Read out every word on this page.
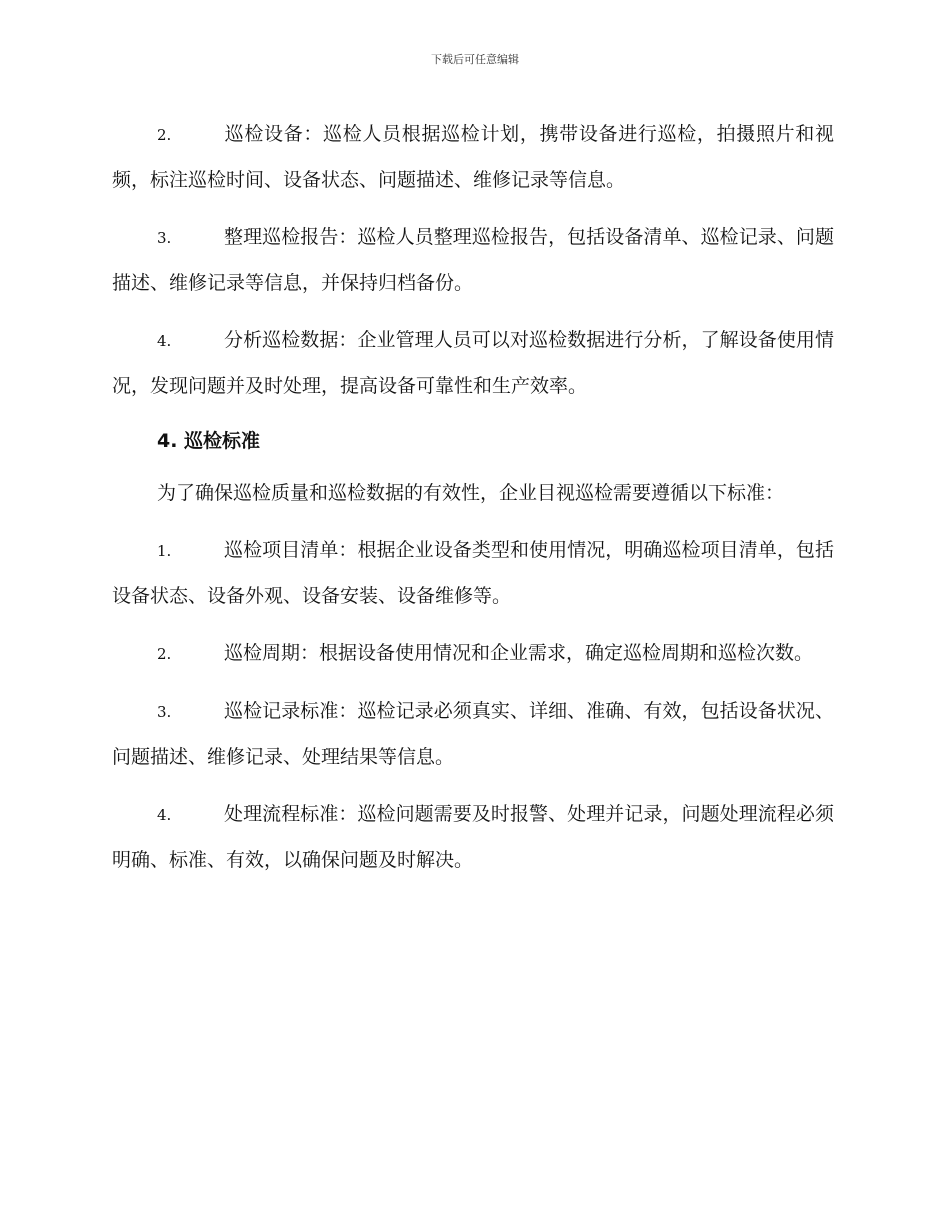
下载后可任意编辑

2.	巡检设备：巡检人员根据巡检计划，携带设备进行巡检，拍摄照片和视频，标注巡检时间、设备状态、问题描述、维修记录等信息。

3.	整理巡检报告：巡检人员整理巡检报告，包括设备清单、巡检记录、问题描述、维修记录等信息，并保持归档备份。

4.	分析巡检数据：企业管理人员可以对巡检数据进行分析，了解设备使用情况，发现问题并及时处理，提高设备可靠性和生产效率。

4. 巡检标准

为了确保巡检质量和巡检数据的有效性，企业目视巡检需要遵循以下标准：

1.	巡检项目清单：根据企业设备类型和使用情况，明确巡检项目清单，包括设备状态、设备外观、设备安装、设备维修等。

2.	巡检周期：根据设备使用情况和企业需求，确定巡检周期和巡检次数。

3.	巡检记录标准：巡检记录必须真实、详细、准确、有效，包括设备状况、问题描述、维修记录、处理结果等信息。

4.	处理流程标准：巡检问题需要及时报警、处理并记录，问题处理流程必须明确、标准、有效，以确保问题及时解决。
